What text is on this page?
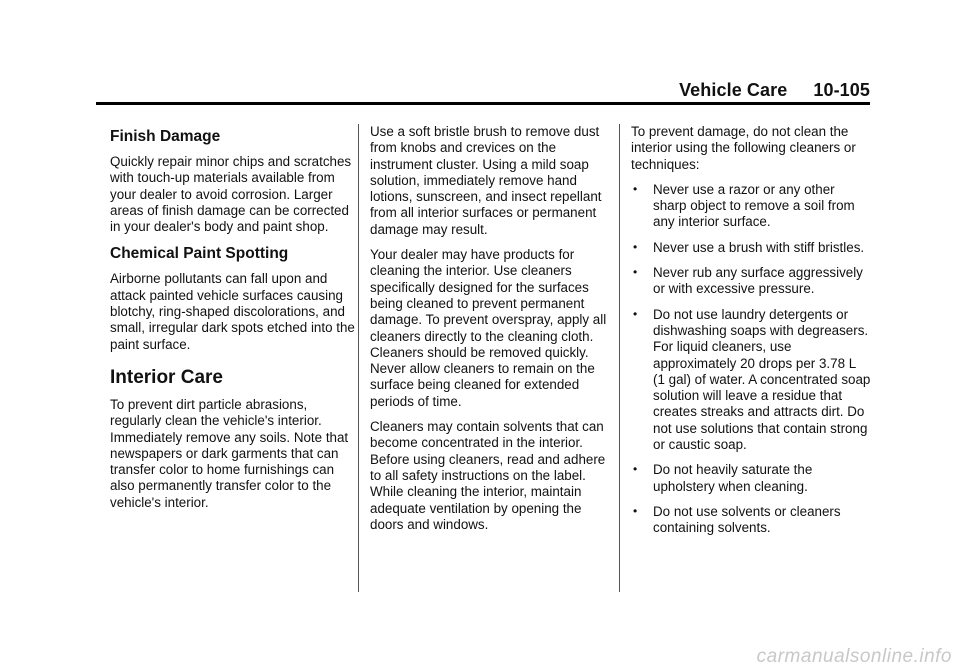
Vehicle Care 10-105
Finish Damage

Quickly repair minor chips and scratches with touch-up materials available from your dealer to avoid corrosion. Larger areas of finish damage can be corrected in your dealer's body and paint shop.

Chemical Paint Spotting

Airborne pollutants can fall upon and attack painted vehicle surfaces causing blotchy, ring-shaped discolorations, and small, irregular dark spots etched into the paint surface.

Interior Care

To prevent dirt particle abrasions, regularly clean the vehicle's interior. Immediately remove any soils. Note that newspapers or dark garments that can transfer color to home furnishings can also permanently transfer color to the vehicle's interior.

Use a soft bristle brush to remove dust from knobs and crevices on the instrument cluster. Using a mild soap solution, immediately remove hand lotions, sunscreen, and insect repellant from all interior surfaces or permanent damage may result.

Your dealer may have products for cleaning the interior. Use cleaners specifically designed for the surfaces being cleaned to prevent permanent damage. To prevent overspray, apply all cleaners directly to the cleaning cloth. Cleaners should be removed quickly. Never allow cleaners to remain on the surface being cleaned for extended periods of time.

Cleaners may contain solvents that can become concentrated in the interior. Before using cleaners, read and adhere to all safety instructions on the label. While cleaning the interior, maintain adequate ventilation by opening the doors and windows.

To prevent damage, do not clean the interior using the following cleaners or techniques:

• Never use a razor or any other sharp object to remove a soil from any interior surface.
• Never use a brush with stiff bristles.
• Never rub any surface aggressively or with excessive pressure.
• Do not use laundry detergents or dishwashing soaps with degreasers. For liquid cleaners, use approximately 20 drops per 3.78 L (1 gal) of water. A concentrated soap solution will leave a residue that creates streaks and attracts dirt. Do not use solutions that contain strong or caustic soap.
• Do not heavily saturate the upholstery when cleaning.
• Do not use solvents or cleaners containing solvents.
carmanualsonline.info
